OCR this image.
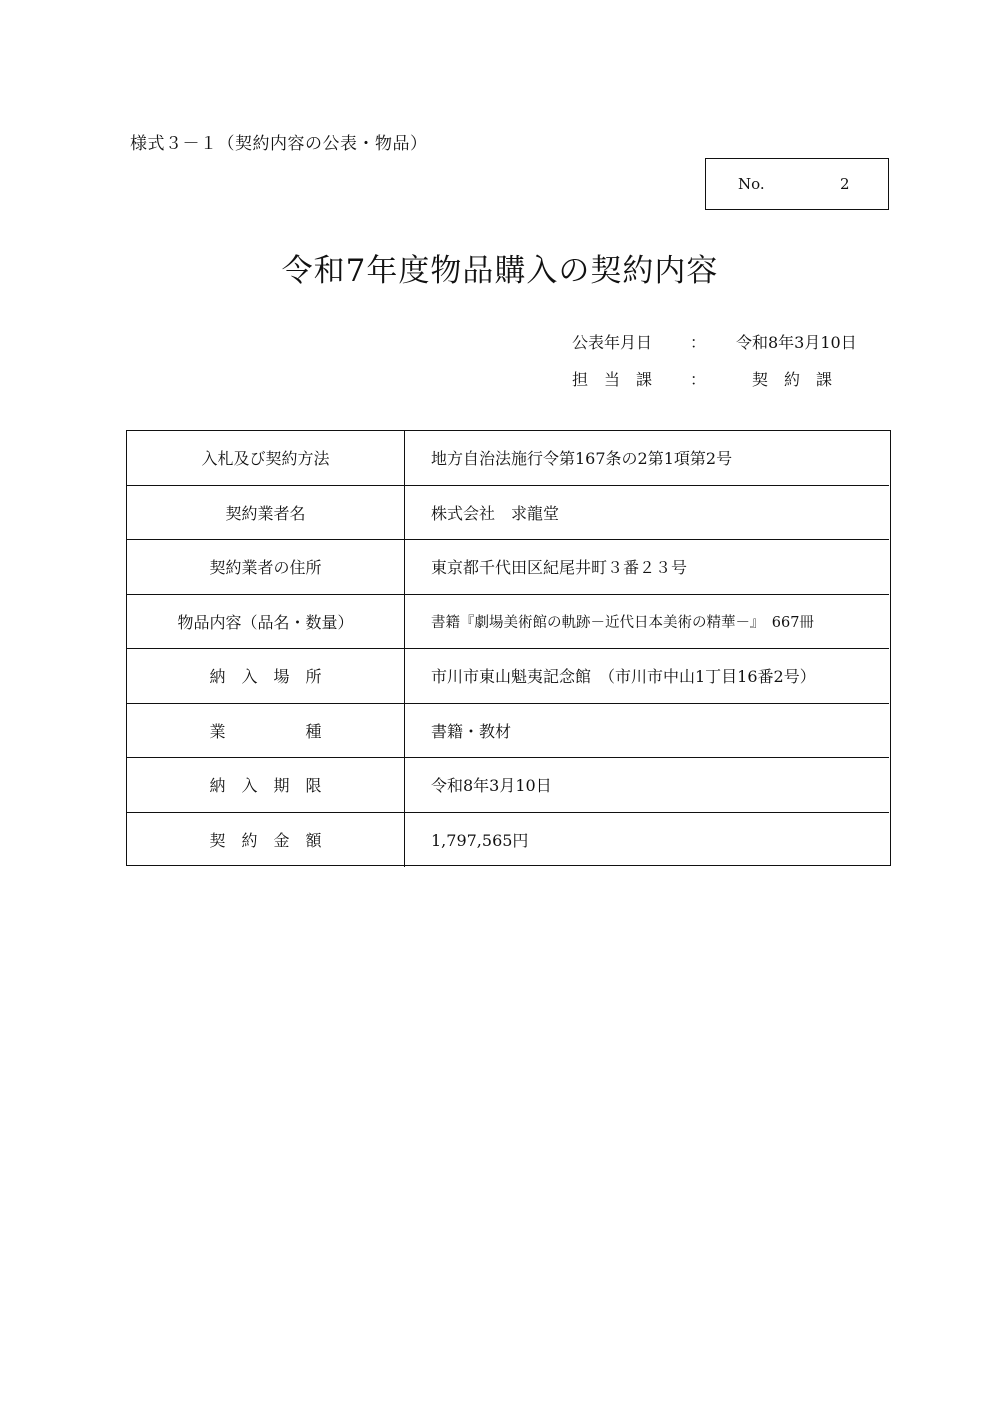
様式３－１（契約内容の公表・物品）
No.	2
令和7年度物品購入の契約内容
公表年月日 ： 令和8年3月10日
担　当　課 ：	契　約　課
入札及び契約方法	地方自治法施行令第167条の2第1項第2号
契約業者名	株式会社　求龍堂
契約業者の住所	東京都千代田区紀尾井町３番２３号
物品内容（品名・数量）	書籍『劇場美術館の軌跡－近代日本美術の精華－』　667冊
納　入　場　所	市川市東山魁夷記念館　（市川市中山1丁目16番2号）
業　　　　　種	書籍・教材
納　入　期　限	令和8年3月10日
契　約　金　額	1,797,565円
